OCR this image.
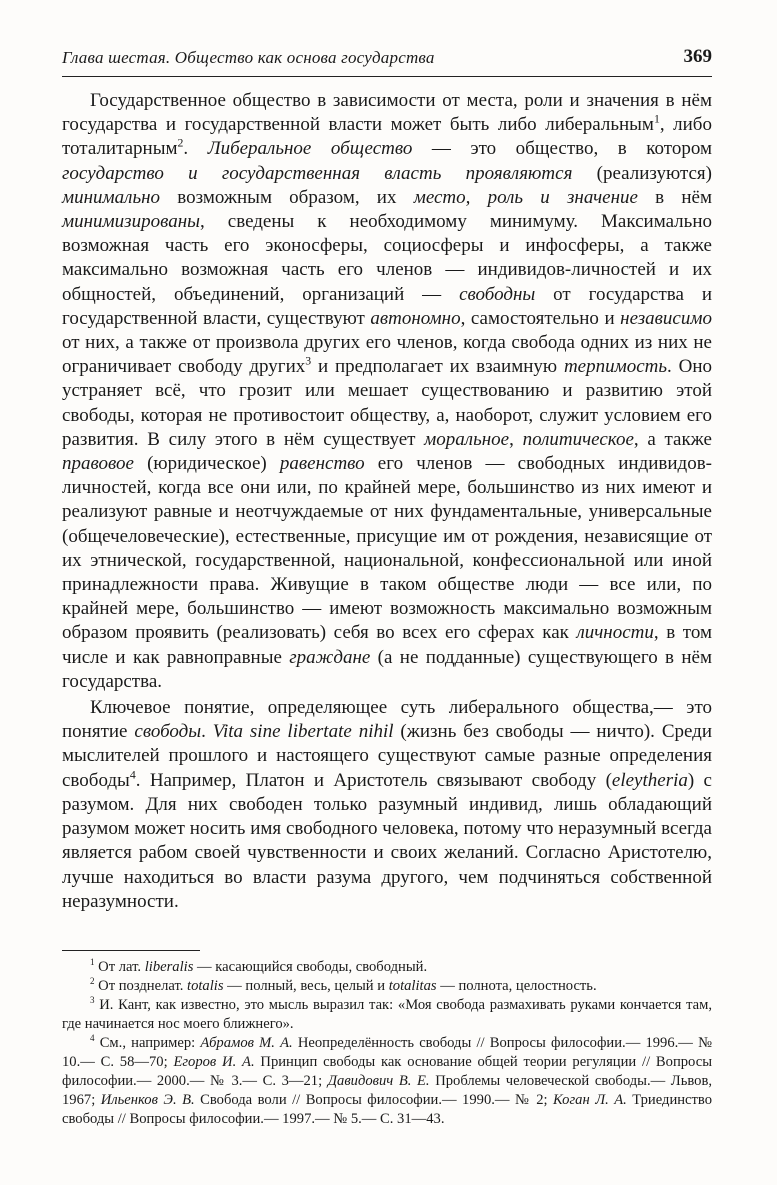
Глава шестая. Общество как основа государства	369

Государственное общество в зависимости от места, роли и значения в нём государства и государственной власти может быть либо либеральным$^1$, либо тоталитарным$^2$. Либеральное общество — это общество, в котором государство и государственная власть проявляются (реализуются) минимально возможным образом, их место, роль и значение в нём минимизированы, сведены к необходимому минимуму. Максимально возможная часть его эконосферы, социосферы и инфосферы, а также максимально возможная часть его членов — индивидов-личностей и их общностей, объединений, организаций — свободны от государства и государственной власти, существуют автономно, самостоятельно и независимо от них, а также от произвола других его членов, когда свобода одних из них не ограничивает свободу других$^3$ и предполагает их взаимную терпимость. Оно устраняет всё, что грозит или мешает существованию и развитию этой свободы, которая не противостоит обществу, а, наоборот, служит условием его развития. В силу этого в нём существует моральное, политическое, а также правовое (юридическое) равенство его членов — свободных индивидов-личностей, когда все они или, по крайней мере, большинство из них имеют и реализуют равные и неотчуждаемые от них фундаментальные, универсальные (общечеловеческие), естественные, присущие им от рождения, независящие от их этнической, государственной, национальной, конфессиональной или иной принадлежности права. Живущие в таком обществе люди — все или, по крайней мере, большинство — имеют возможность максимально возможным образом проявить (реализовать) себя во всех его сферах как личности, в том числе и как равноправные граждане (а не подданные) существующего в нём государства.

Ключевое понятие, определяющее суть либерального общества,— это понятие свободы. Vita sine libertate nihil (жизнь без свободы — ничто). Среди мыслителей прошлого и настоящего существуют самые разные определения свободы$^4$. Например, Платон и Аристотель связывают свободу (eleytheria) с разумом. Для них свободен только разумный индивид, лишь обладающий разумом может носить имя свободного человека, потому что неразумный всегда является рабом своей чувственности и своих желаний. Согласно Аристотелю, лучше находиться во власти разума другого, чем подчиняться собственной неразумности.

$^1$ От лат. liberalis — касающийся свободы, свободный.

$^2$ От позднелат. totalis — полный, весь, целый и totalitas — полнота, целостность.

$^3$ И. Кант, как известно, это мысль выразил так: «Моя свобода размахивать руками кончается там, где начинается нос моего ближнего».

$^4$ См., например: Абрамов М. А. Неопределённость свободы // Вопросы философии.— 1996.— № 10.— С. 58—70; Егоров И. А. Принцип свободы как основание общей теории регуляции // Вопросы философии.— 2000.— № 3.— С. 3—21; Давидович В. Е. Проблемы человеческой свободы.— Львов, 1967; Ильенков Э. В. Свобода воли // Вопросы философии.— 1990.— № 2; Коган Л. А. Триединство свободы // Вопросы философии.— 1997.— № 5.— С. 31—43.
